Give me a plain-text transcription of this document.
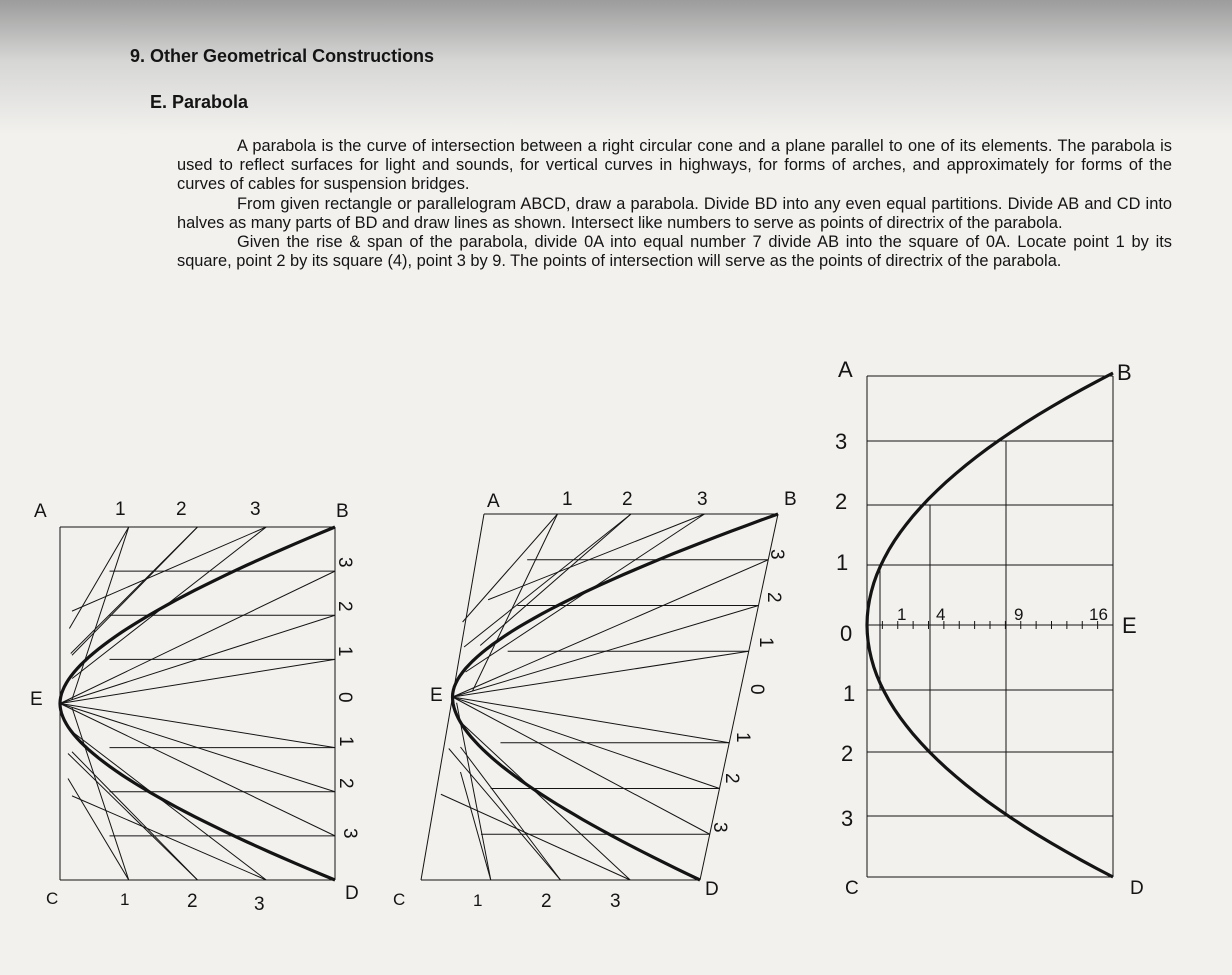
9. Other Geometrical Constructions
E. Parabola

A parabola is the curve of intersection between a right circular cone and a plane parallel to one of its elements. The parabola is used to reflect surfaces for light and sounds, for vertical curves in highways, for forms of arches, and approximately for forms of the curves of cables for suspension bridges.

From given rectangle or parallelogram ABCD, draw a parabola. Divide BD into any even equal partitions. Divide AB and CD into halves as many parts of BD and draw lines as shown. Intersect like numbers to serve as points of directrix of the parabola.

Given the rise & span of the parabola, divide 0A into equal number 7 divide AB into the square of 0A. Locate point 1 by its square, point 2 by its square (4), point 3 by 9. The points of intersection will serve as the points of directrix of the parabola.

A	B
C	D
E
1	2	3
1	2	3
3
2
1
0
1
2
3
A	B
C	D
E
1	2	3
1	2	3
3
2
1
0
1
2
3
A	B
C	D
E
3
2
1
0
1
2
3
1 4	9	16
